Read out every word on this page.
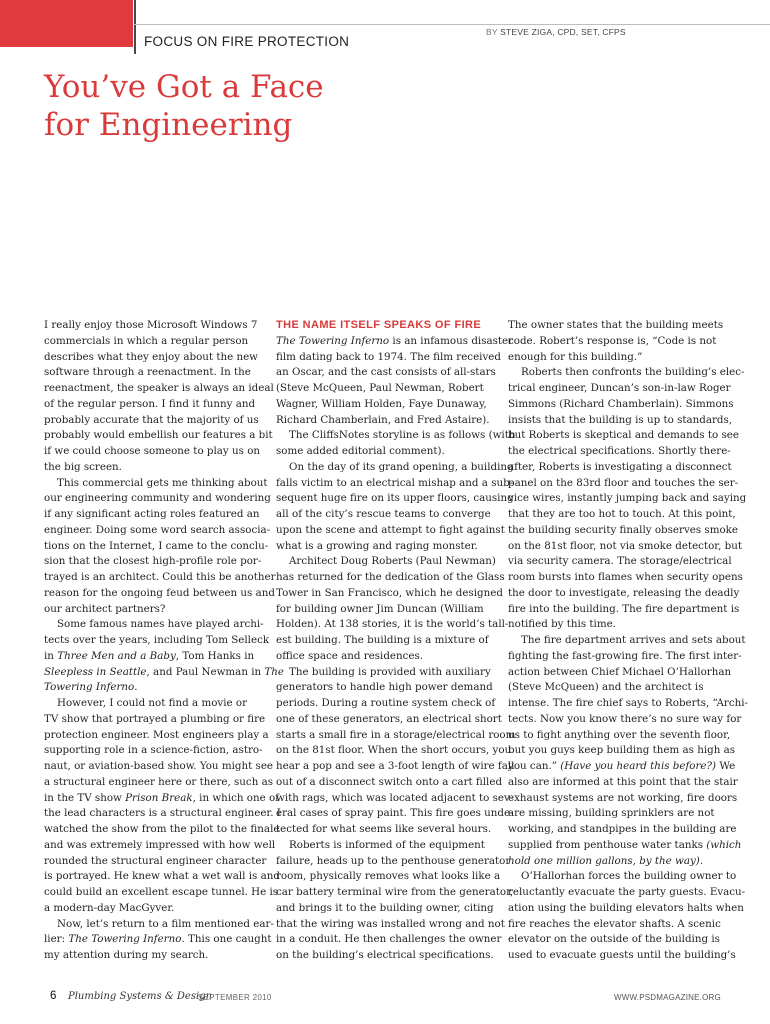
BY STEVE ZIGA, CPD, SET, CFPS
FOCUS ON FIRE PROTECTION
You’ve Got a Face
for Engineering
I really enjoy those Microsoft Windows 7
commercials in which a regular person
describes what they enjoy about the new
software through a reenactment. In the
reenactment, the speaker is always an ideal
of the regular person. I find it funny and
probably accurate that the majority of us
probably would embellish our features a bit
if we could choose someone to play us on
the big screen.
This commercial gets me thinking about
our engineering community and wondering
if any significant acting roles featured an
engineer. Doing some word search associa-
tions on the Internet, I came to the conclu-
sion that the closest high-profile role por-
trayed is an architect. Could this be another
reason for the ongoing feud between us and
our architect partners?
Some famous names have played archi-
tects over the years, including Tom Selleck
in Three Men and a Baby, Tom Hanks in
Sleepless in Seattle, and Paul Newman in The
Towering Inferno.
However, I could not find a movie or
TV show that portrayed a plumbing or fire
protection engineer. Most engineers play a
supporting role in a science-fiction, astro-
naut, or aviation-based show. You might see
a structural engineer here or there, such as
in the TV show Prison Break, in which one of
the lead characters is a structural engineer. I
watched the show from the pilot to the finale
and was extremely impressed with how well
rounded the structural engineer character
is portrayed. He knew what a wet wall is and
could build an excellent escape tunnel. He is
a modern-day MacGyver.
Now, let’s return to a film mentioned ear-
lier: The Towering Inferno. This one caught
my attention during my search.
THE NAME ITSELF SPEAKS OF FIRE
The Towering Inferno is an infamous disaster
film dating back to 1974. The film received
an Oscar, and the cast consists of all-stars
(Steve McQueen, Paul Newman, Robert
Wagner, William Holden, Faye Dunaway,
Richard Chamberlain, and Fred Astaire).
The CliffsNotes storyline is as follows (with
some added editorial comment).
On the day of its grand opening, a building
falls victim to an electrical mishap and a sub-
sequent huge fire on its upper floors, causing
all of the city’s rescue teams to converge
upon the scene and attempt to fight against
what is a growing and raging monster.
Architect Doug Roberts (Paul Newman)
has returned for the dedication of the Glass
Tower in San Francisco, which he designed
for building owner Jim Duncan (William
Holden). At 138 stories, it is the world’s tall-
est building. The building is a mixture of
office space and residences.
The building is provided with auxiliary
generators to handle high power demand
periods. During a routine system check of
one of these generators, an electrical short
starts a small fire in a storage/electrical room
on the 81st floor. When the short occurs, you
hear a pop and see a 3-foot length of wire fall
out of a disconnect switch onto a cart filled
with rags, which was located adjacent to sev-
eral cases of spray paint. This fire goes unde-
tected for what seems like several hours.
Roberts is informed of the equipment
failure, heads up to the penthouse generator
room, physically removes what looks like a
car battery terminal wire from the generator,
and brings it to the building owner, citing
that the wiring was installed wrong and not
in a conduit. He then challenges the owner
on the building’s electrical specifications.
The owner states that the building meets
code. Robert’s response is, “Code is not
enough for this building.”
Roberts then confronts the building’s elec-
trical engineer, Duncan’s son-in-law Roger
Simmons (Richard Chamberlain). Simmons
insists that the building is up to standards,
but Roberts is skeptical and demands to see
the electrical specifications. Shortly there-
after, Roberts is investigating a disconnect
panel on the 83rd floor and touches the ser-
vice wires, instantly jumping back and saying
that they are too hot to touch. At this point,
the building security finally observes smoke
on the 81st floor, not via smoke detector, but
via security camera. The storage/electrical
room bursts into flames when security opens
the door to investigate, releasing the deadly
fire into the building. The fire department is
notified by this time.
The fire department arrives and sets about
fighting the fast-growing fire. The first inter-
action between Chief Michael O’Hallorhan
(Steve McQueen) and the architect is
intense. The fire chief says to Roberts, “Archi-
tects. Now you know there’s no sure way for
us to fight anything over the seventh floor,
but you guys keep building them as high as
you can.” (Have you heard this before?) We
also are informed at this point that the stair
exhaust systems are not working, fire doors
are missing, building sprinklers are not
working, and standpipes in the building are
supplied from penthouse water tanks (which
hold one million gallons, by the way).
O’Hallorhan forces the building owner to
reluctantly evacuate the party guests. Evacu-
ation using the building elevators halts when
fire reaches the elevator shafts. A scenic
elevator on the outside of the building is
used to evacuate guests until the building’s
6 Plumbing Systems & Design
SEPTEMBER 2010	WWW.PSDMAGAZINE.ORG
